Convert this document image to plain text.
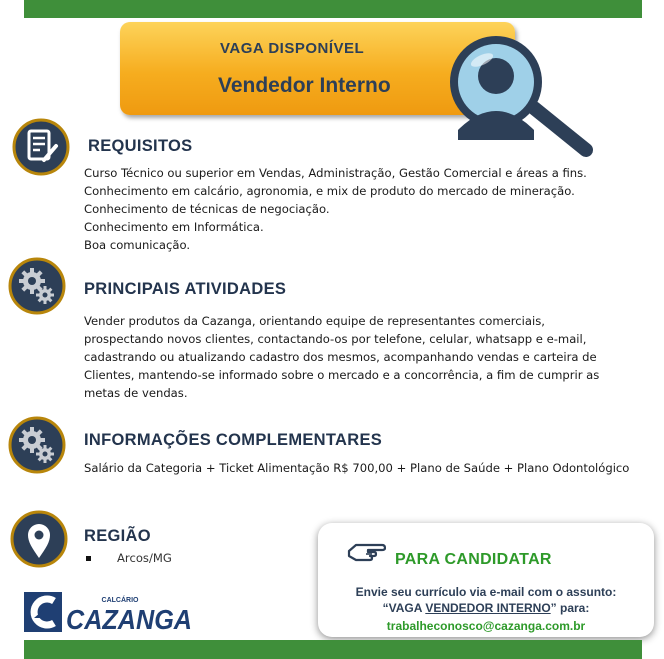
VAGA DISPONÍVEL
Vendedor Interno
REQUISITOS
Curso Técnico ou superior em Vendas, Administração, Gestão Comercial e áreas a fins.
Conhecimento em calcário, agronomia, e mix de produto do mercado de mineração.
Conhecimento de técnicas de negociação.
Conhecimento em Informática.
Boa comunicação.
PRINCIPAIS ATIVIDADES
Vender produtos da Cazanga, orientando equipe de representantes comerciais,
prospectando novos clientes, contactando-os por telefone, celular, whatsapp e e-mail,
cadastrando ou atualizando cadastro dos mesmos, acompanhando vendas e carteira de
Clientes, mantendo-se informado sobre o mercado e a concorrência, a fim de cumprir as
metas de vendas.
INFORMAÇÕES COMPLEMENTARES
Salário da Categoria + Ticket Alimentação R$ 700,00 + Plano de Saúde + Plano Odontológico
REGIÃO
Arcos/MG
CALCÁRIO
CAZANGA
PARA CANDIDATAR
Envie seu currículo via e-mail com o assunto:
“VAGA VENDEDOR INTERNO” para:
trabalheconosco@cazanga.com.br
